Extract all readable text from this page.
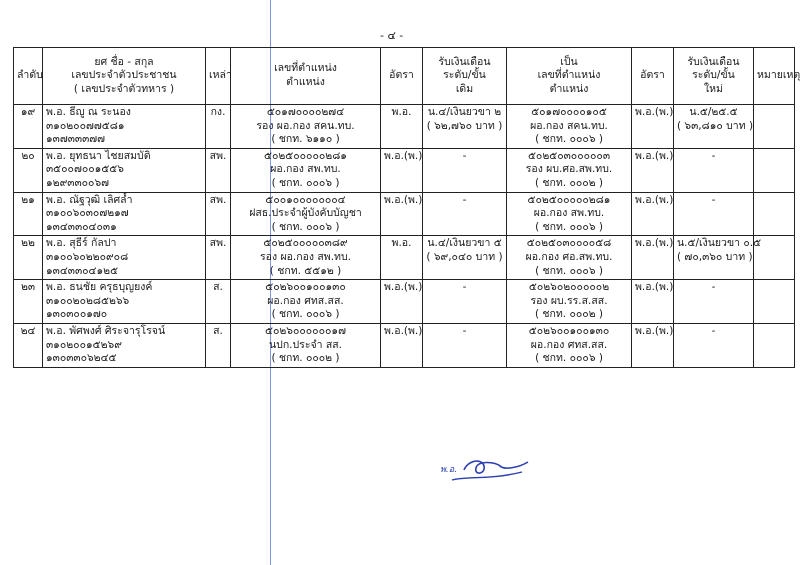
- ๔ -
ลำดับ	ยศ ชื่อ - สกุล
เลขประจำตัวประชาชน
( เลขประจำตัวทหาร )	เหล่า	เลขที่ตำแหน่ง
ตำแหน่ง	อัตรา	รับเงินเดือน
ระดับ/ขั้น
เดิม	เป็น
เลขที่ตำแหน่ง
ตำแหน่ง	อัตรา	รับเงินเดือน
ระดับ/ขั้น
ใหม่	หมายเหตุ
๑๙	พ.อ. ธีญู ณ ระนอง
๓๑๐๒๐๐๗๗๕๘๑
๑๓๗๓๓๓๗๗	กง.	๕๐๑๗๐๐๐๐๒๗๔
รอง ผอ.กอง สคน.ทบ.
( ชกท. ๖๑๑๐ )	พ.อ.	น.๔/เงินยวขา ๒
( ๖๒,๗๖๐ บาท )	๕๐๑๗๐๐๐๐๑๐๕
ผอ.กอง สคน.ทบ.
( ชกท. ๐๐๐๖ )	พ.อ.(พ.)	น.๕/๒๕.๕
( ๖๓,๘๑๐ บาท )	

๒๐	พ.อ. ยุทธนา ไชยสมบัติ
๓๕๐๐๗๐๐๑๕๕๖
๑๒๙๓๓๐๐๖๗	สพ.	๕๐๒๕๐๐๐๐๐๒๘๑
ผอ.กอง สพ.ทบ.
( ชกท. ๐๐๐๖ )	พ.อ.(พ.)	-	๕๐๒๕๐๓๐๐๐๐๐๓
รอง ผบ.ศอ.สพ.ทบ.
( ชกท. ๐๐๐๒ )	พ.อ.(พ.)	-	

๒๑	พ.อ. ณัฐวุฒิ เลิศล้ำ
๓๑๐๐๖๐๓๐๗๒๑๗
๑๓๔๓๓๐๔๐๓๑	สพ.	๕๐๐๑๐๐๐๐๐๐๐๔
ฝสธ.ประจำผู้บังคับบัญชา
( ชกท. ๐๐๐๖ )	พ.อ.(พ.)	-	๕๐๒๕๐๐๐๐๐๒๘๑
ผอ.กอง สพ.ทบ.
( ชกท. ๐๐๐๖ )	พ.อ.(พ.)	-	

๒๒	พ.อ. สุธีร์ กัลปา
๓๑๐๐๖๐๒๒๐๙๐๘
๑๓๔๓๓๐๔๑๒๕	สพ.	๕๐๒๕๐๐๐๐๐๓๘๙
รอง ผอ.กอง สพ.ทบ.
( ชกท. ๕๕๑๒ )	พ.อ.	น.๔/เงินยวขา ๕
( ๖๙,๐๔๐ บาท )	๕๐๒๕๐๓๐๐๐๐๕๘
ผอ.กอง ศอ.สพ.ทบ.
( ชกท. ๐๐๐๖ )	พ.อ.(พ.)	น.๕/เงินยวขา ๐.๕
( ๗๐,๓๖๐ บาท )	

๒๓	พ.อ. ธนชัย ครุธบุญยงค์
๓๑๐๐๒๐๒๘๕๒๖๖
๑๓๐๓๐๐๑๗๐	ส.	๕๐๒๖๐๐๑๐๐๑๓๐
ผอ.กอง ศทส.สส.
( ชกท. ๐๐๐๖ )	พ.อ.(พ.)	-	๕๐๒๖๐๒๐๐๐๐๐๒
รอง ผบ.รร.ส.สส.
( ชกท. ๐๐๐๒ )	พ.อ.(พ.)	-	

๒๔	พ.อ. พัศพงศ์ ศิระจารุโรจน์
๓๑๐๒๐๐๑๕๒๖๙
๑๓๐๓๓๐๖๒๔๕	ส.	๕๐๒๖๐๐๐๐๐๐๑๗
นปก.ประจำ สส.
( ชกท. ๐๐๐๒ )	พ.อ.(พ.)	-	๕๐๒๖๐๐๑๐๐๑๓๐
ผอ.กอง ศทส.สส.
( ชกท. ๐๐๐๖ )	พ.อ.(พ.)	-	

พ.อ.
